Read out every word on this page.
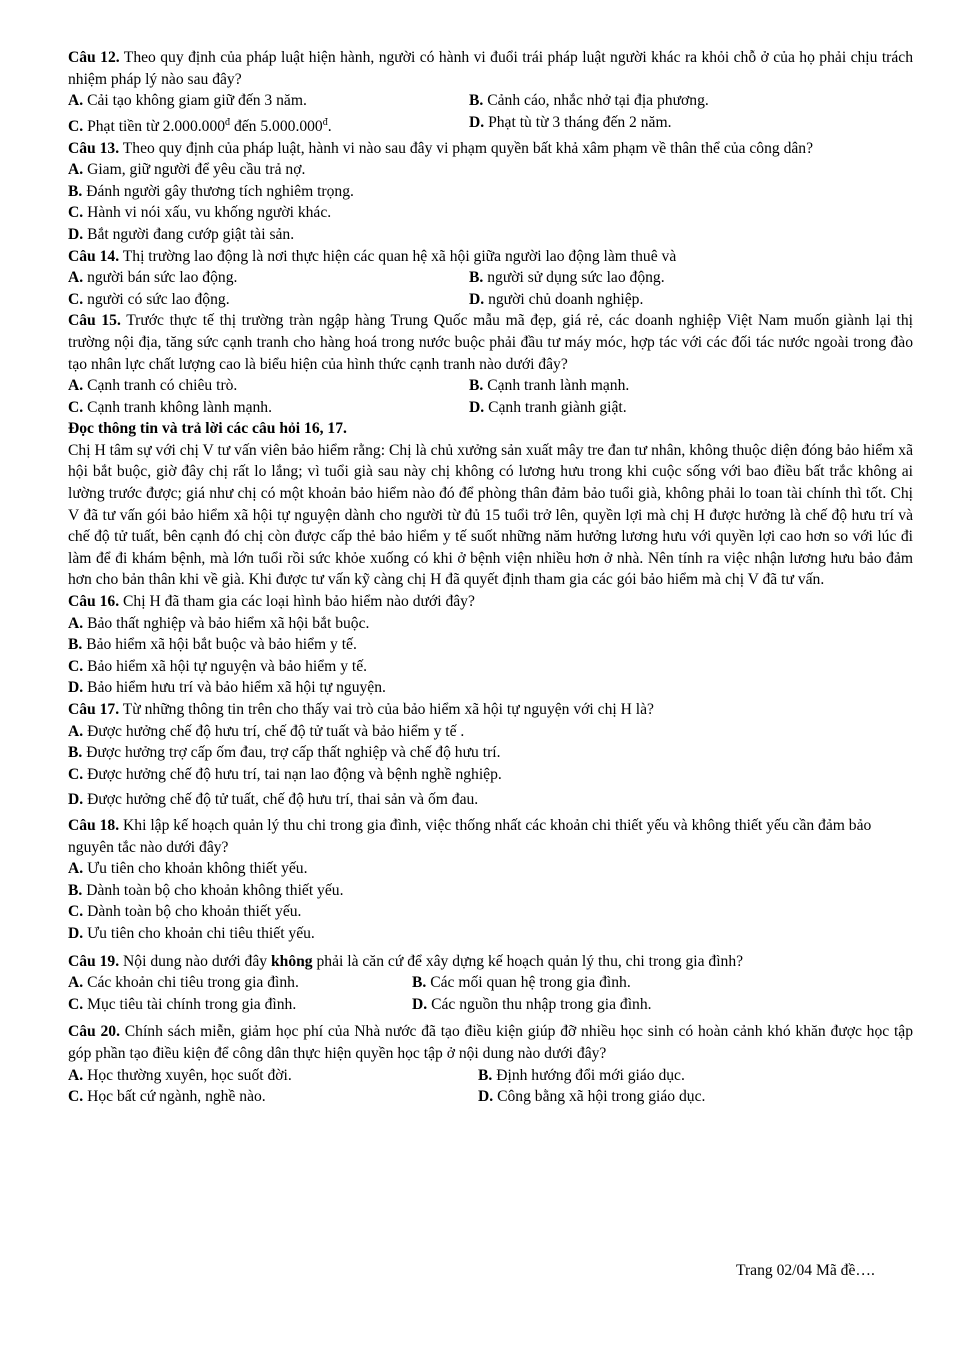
Câu 12. Theo quy định của pháp luật hiện hành, người có hành vi đuổi trái pháp luật người khác ra khỏi chỗ ở của họ phải chịu trách nhiệm pháp lý nào sau đây?
A. Cải tạo không giam giữ đến 3 năm.	B. Cảnh cáo, nhắc nhở tại địa phương.
C. Phạt tiền từ $2.000.000^đ$ đến $5.000.000^đ$.	D. Phạt tù từ 3 tháng đến 2 năm.
Câu 13. Theo quy định của pháp luật, hành vi nào sau đây vi phạm quyền bất khả xâm phạm về thân thể của công dân?
A. Giam, giữ người để yêu cầu trả nợ.
B. Đánh người gây thương tích nghiêm trọng.
C. Hành vi nói xấu, vu khống người khác.
D. Bắt người đang cướp giật tài sản.
Câu 14. Thị trường lao động là nơi thực hiện các quan hệ xã hội giữa người lao động làm thuê và
A. người bán sức lao động.	B. người sử dụng sức lao động.
C. người có sức lao động.	D. người chủ doanh nghiệp.
Câu 15. Trước thực tế thị trường tràn ngập hàng Trung Quốc mẫu mã đẹp, giá rẻ, các doanh nghiệp Việt Nam muốn giành lại thị trường nội địa, tăng sức cạnh tranh cho hàng hoá trong nước buộc phải đầu tư máy móc, hợp tác với các đối tác nước ngoài trong đào tạo nhân lực chất lượng cao là biểu hiện của hình thức cạnh tranh nào dưới đây?
A. Cạnh tranh có chiêu trò.	B. Cạnh tranh lành mạnh.
C. Cạnh tranh không lành mạnh.	D. Cạnh tranh giành giật.
Đọc thông tin và trả lời các câu hỏi 16, 17.
Chị H tâm sự với chị V tư vấn viên bảo hiểm rằng: Chị là chủ xưởng sản xuất mây tre đan tư nhân, không thuộc diện đóng bảo hiểm xã hội bắt buộc, giờ đây chị rất lo lắng; vì tuổi già sau này chị không có lương hưu trong khi cuộc sống với bao điều bất trắc không ai lường trước được; giá như chị có một khoản bảo hiểm nào đó để phòng thân đảm bảo tuổi già, không phải lo toan tài chính thì tốt. Chị V đã tư vấn gói bảo hiểm xã hội tự nguyện dành cho người từ đủ 15 tuổi trở lên, quyền lợi mà chị H được hưởng là chế độ hưu trí và chế độ tử tuất, bên cạnh đó chị còn được cấp thẻ bảo hiểm y tế suốt những năm hưởng lương hưu với quyền lợi cao hơn so với lúc đi làm để đi khám bệnh, mà lớn tuổi rồi sức khỏe xuống có khi ở bệnh viện nhiều hơn ở nhà. Nên tính ra việc nhận lương hưu bảo đảm hơn cho bản thân khi về già. Khi được tư vấn kỹ càng chị H đã quyết định tham gia các gói bảo hiểm mà chị V đã tư vấn.
Câu 16. Chị H đã tham gia các loại hình bảo hiểm nào dưới đây?
A. Bảo thất nghiệp và bảo hiểm xã hội bắt buộc.
B. Bảo hiểm xã hội bắt buộc và bảo hiểm y tế.
C. Bảo hiểm xã hội tự nguyện và bảo hiểm y tế.
D. Bảo hiểm hưu trí và bảo hiểm xã hội tự nguyện.
Câu 17. Từ những thông tin trên cho thấy vai trò của bảo hiểm xã hội tự nguyện với chị H là?
A. Được hưởng chế độ hưu trí, chế độ tử tuất và bảo hiểm y tế .
B. Được hưởng trợ cấp ốm đau, trợ cấp thất nghiệp và chế độ hưu trí.
C. Được hưởng chế độ hưu trí, tai nạn lao động và bệnh nghề nghiệp.
D. Được hưởng chế độ tử tuất, chế độ hưu trí, thai sản và ốm đau.
Câu 18. Khi lập kế hoạch quản lý thu chi trong gia đình, việc thống nhất các khoản chi thiết yếu và không thiết yếu cần đảm bảo nguyên tắc nào dưới đây?
A. Ưu tiên cho khoản không thiết yếu.
B. Dành toàn bộ cho khoản không thiết yếu.
C. Dành toàn bộ cho khoản thiết yếu.
D. Ưu tiên cho khoản chi tiêu thiết yếu.
Câu 19. Nội dung nào dưới đây không phải là căn cứ để xây dựng kế hoạch quản lý thu, chi trong gia đình?
A. Các khoản chi tiêu trong gia đình.	B. Các mối quan hệ trong gia đình.
C. Mục tiêu tài chính trong gia đình.	D. Các nguồn thu nhập trong gia đình.
Câu 20. Chính sách miễn, giảm học phí của Nhà nước đã tạo điều kiện giúp đỡ nhiều học sinh có hoàn cảnh khó khăn được học tập góp phần tạo điều kiện để công dân thực hiện quyền học tập ở nội dung nào dưới đây?
A. Học thường xuyên, học suốt đời.	B. Định hướng đổi mới giáo dục.
C. Học bất cứ ngành, nghề nào.	D. Công bằng xã hội trong giáo dục.
Trang 02/04 Mã đề….
